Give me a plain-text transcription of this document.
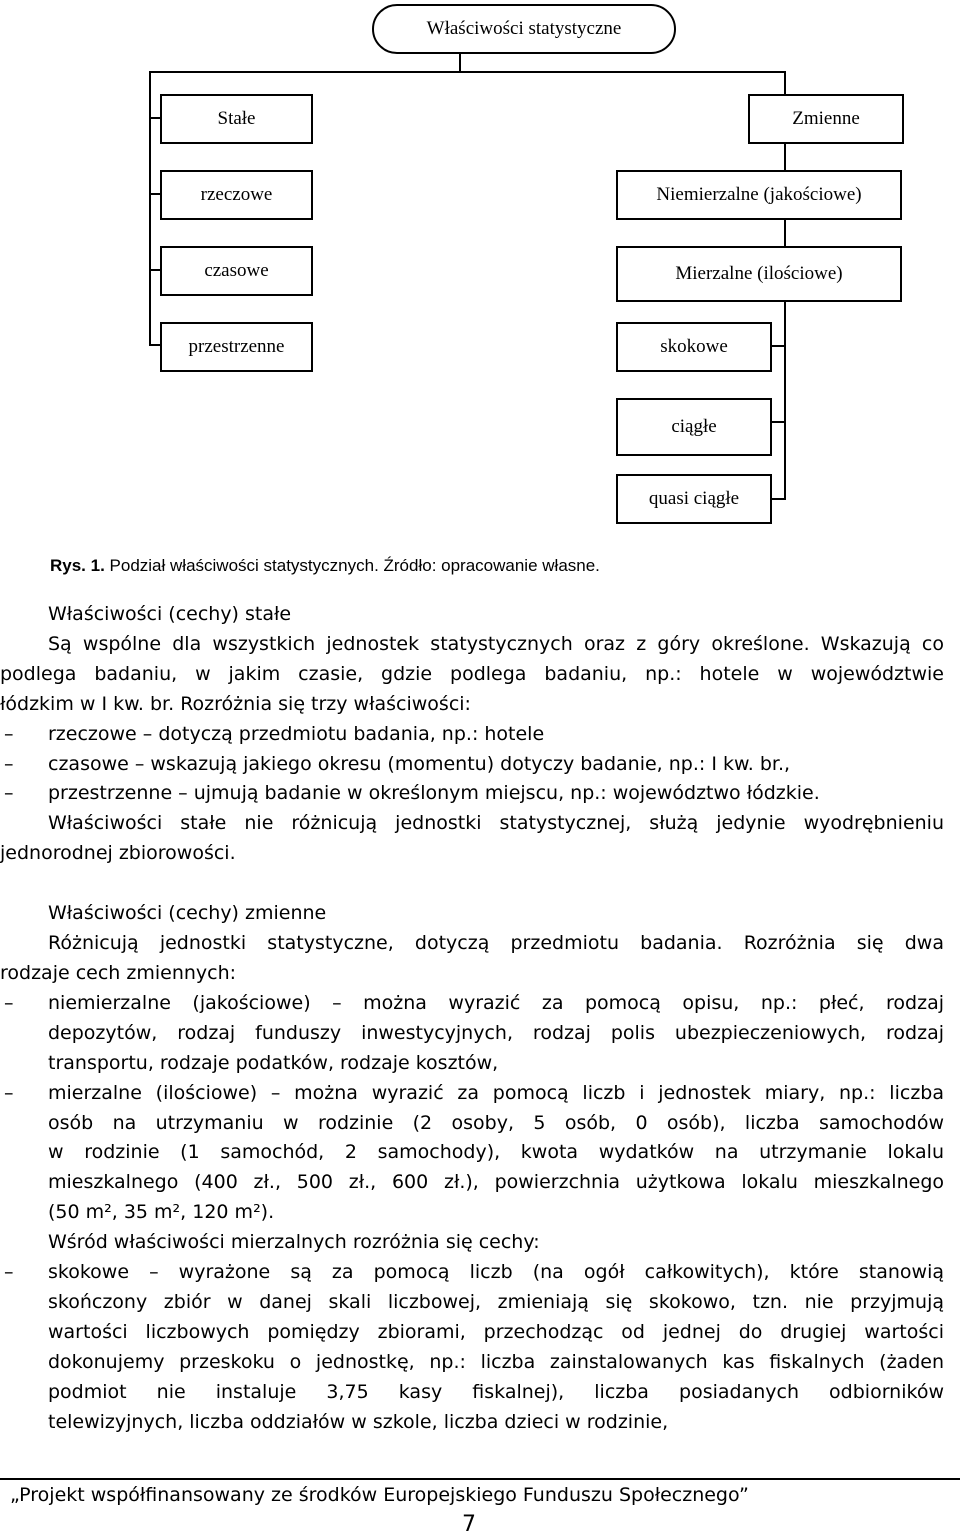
Właściwości statystyczne
Stałe
rzeczowe
czasowe
przestrzenne
Zmienne
Niemierzalne (jakościowe)
Mierzalne (ilościowe)
skokowe
ciągłe
quasi ciągłe
Rys. 1. Podział właściwości statystycznych. Źródło: opracowanie własne.

Właściwości (cechy) stałe

Są wspólne dla wszystkich jednostek statystycznych oraz z góry określone. Wskazują co

podlega badaniu, w jakim czasie, gdzie podlega badaniu, np.: hotele w województwie

łódzkim w I kw. br. Rozróżnia się trzy właściwości:

– rzeczowe – dotyczą przedmiotu badania, np.: hotele

– czasowe – wskazują jakiego okresu (momentu) dotyczy badanie, np.: I kw. br.,

– przestrzenne – ujmują badanie w określonym miejscu, np.: województwo łódzkie.

Właściwości stałe nie różnicują jednostki statystycznej, służą jedynie wyodrębnieniu

jednorodnej zbiorowości.

Właściwości (cechy) zmienne

Różnicują jednostki statystyczne, dotyczą przedmiotu badania. Rozróżnia się dwa

rodzaje cech zmiennych:

– niemierzalne (jakościowe) – można wyrazić za pomocą opisu, np.: płeć, rodzaj

depozytów, rodzaj funduszy inwestycyjnych, rodzaj polis ubezpieczeniowych, rodzaj

transportu, rodzaje podatków, rodzaje kosztów,

– mierzalne (ilościowe) – można wyrazić za pomocą liczb i jednostek miary, np.: liczba

osób na utrzymaniu w rodzinie (2 osoby, 5 osób, 0 osób), liczba samochodów

w rodzinie (1 samochód, 2 samochody), kwota wydatków na utrzymanie lokalu

mieszkalnego (400 zł., 500 zł., 600 zł.), powierzchnia użytkowa lokalu mieszkalnego

(50 m², 35 m², 120 m²).

Wśród właściwości mierzalnych rozróżnia się cechy:

– skokowe – wyrażone są za pomocą liczb (na ogół całkowitych), które stanowią

skończony zbiór w danej skali liczbowej, zmieniają się skokowo, tzn. nie przyjmują

wartości liczbowych pomiędzy zbiorami, przechodząc od jednej do drugiej wartości

dokonujemy przeskoku o jednostkę, np.: liczba zainstalowanych kas fiskalnych (żaden

podmiot nie instaluje 3,75 kasy fiskalnej), liczba posiadanych odbiorników

telewizyjnych, liczba oddziałów w szkole, liczba dzieci w rodzinie,

„Projekt współfinansowany ze środków Europejskiego Funduszu Społecznego”
7
